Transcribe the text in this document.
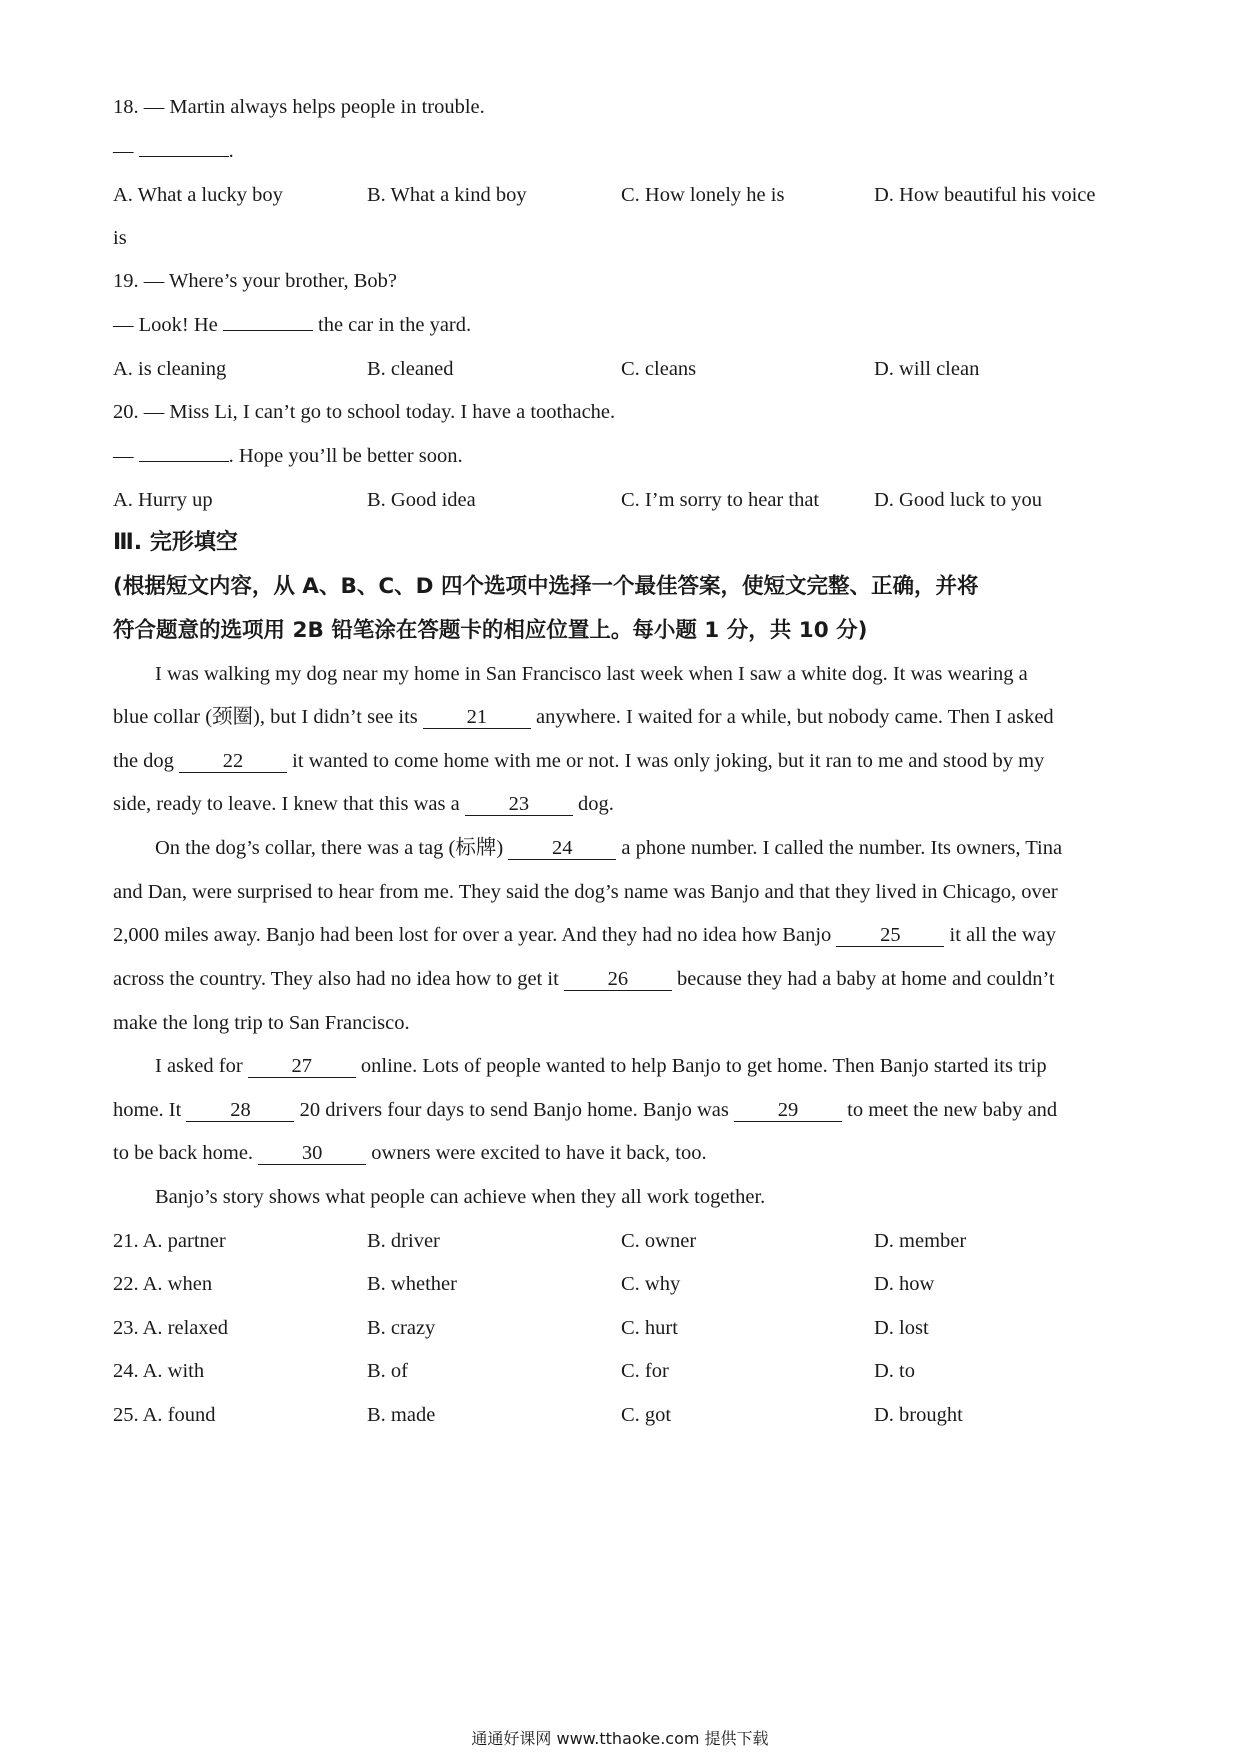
18. — Martin always helps people in trouble.
—	.
A. What a lucky boy	B. What a kind boy	C. How lonely he is	D. How beautiful his voice
is
19. — Where’s your brother, Bob?
— Look! He	the car in the yard.
A. is cleaning	B. cleaned	C. cleans	D. will clean
20. — Miss Li, I can’t go to school today. I have a toothache.
—	. Hope you’ll be better soon.
A. Hurry up	B. Good idea	C. I’m sorry to hear that	D. Good luck to you
Ⅲ. 完形填空
(根据短文内容，从 A、B、C、D 四个选项中选择一个最佳答案，使短文完整、正确，并将
符合题意的选项用 2B 铅笔涂在答题卡的相应位置上。每小题 1 分，共 10 分)
I was walking my dog near my home in San Francisco last week when I saw a white dog. It was wearing a
blue collar (颈圈), but I didn’t see its 21 anywhere. I waited for a while, but nobody came. Then I asked
the dog 22 it wanted to come home with me or not. I was only joking, but it ran to me and stood by my
side, ready to leave. I knew that this was a 23 dog.
On the dog’s collar, there was a tag (标牌) 24 a phone number. I called the number. Its owners, Tina
and Dan, were surprised to hear from me. They said the dog’s name was Banjo and that they lived in Chicago, over
2,000 miles away. Banjo had been lost for over a year. And they had no idea how Banjo 25 it all the way
across the country. They also had no idea how to get it 26 because they had a baby at home and couldn’t
make the long trip to San Francisco.
I asked for 27 online. Lots of people wanted to help Banjo to get home. Then Banjo started its trip
home. It 28 20 drivers four days to send Banjo home. Banjo was 29 to meet the new baby and
to be back home. 30 owners were excited to have it back, too.
Banjo’s story shows what people can achieve when they all work together.
21. A. partner	B. driver	C. owner	D. member
22. A. when	B. whether	C. why	D. how
23. A. relaxed	B. crazy	C. hurt	D. lost
24. A. with	B. of	C. for	D. to
25. A. found	B. made	C. got	D. brought
通通好课网 www.tthaoke.com 提供下载
